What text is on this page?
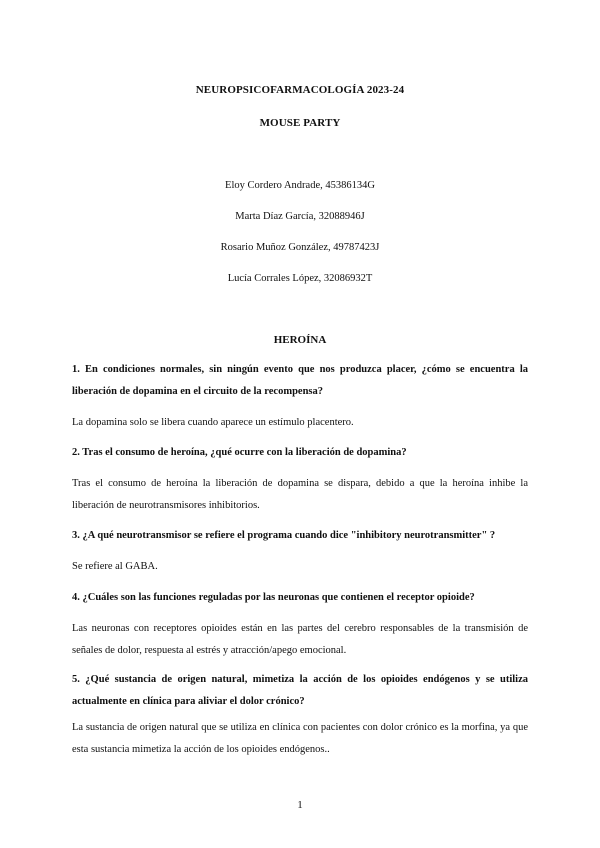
NEUROPSICOFARMACOLOGÍA 2023-24
MOUSE PARTY
Eloy Cordero Andrade, 45386134G
Marta Díaz García, 32088946J
Rosario Muñoz González, 49787423J
Lucía Corrales López, 32086932T
HEROÍNA
1. En condiciones normales, sin ningún evento que nos produzca placer, ¿cómo se encuentra la liberación de dopamina en el circuito de la recompensa?
La dopamina solo se libera cuando aparece un estímulo placentero.
2. Tras el consumo de heroína, ¿qué ocurre con la liberación de dopamina?
Tras el consumo de heroína la liberación de dopamina se dispara, debido a que la heroína inhibe la liberación de neurotransmisores inhibitorios.
3. ¿A qué neurotransmisor se refiere el programa cuando dice "inhibitory neurotransmitter" ?
Se refiere al GABA.
4. ¿Cuáles son las funciones reguladas por las neuronas que contienen el receptor opioide?
Las neuronas con receptores opioides están en las partes del cerebro responsables de la transmisión de señales de dolor, respuesta al estrés y atracción/apego emocional.
5. ¿Qué sustancia de origen natural, mimetiza la acción de los opioides endógenos y se utiliza actualmente en clínica para aliviar el dolor crónico?
La sustancia de origen natural que se utiliza en clínica con pacientes con dolor crónico es la morfina, ya que esta sustancia mimetiza la acción de los opioides endógenos..
1
